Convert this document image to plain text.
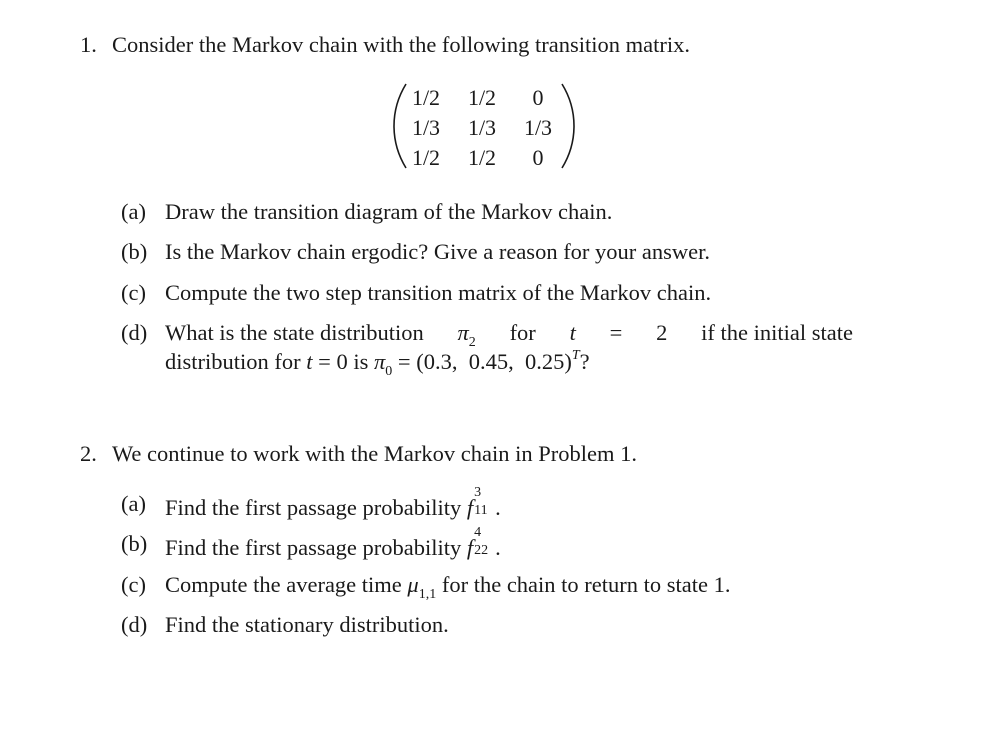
1. Consider the Markov chain with the following transition matrix.
1/2	1/2	0
1/3	1/3	1/3
1/2	1/2	0
(a) Draw the transition diagram of the Markov chain.
(b) Is the Markov chain ergodic? Give a reason for your answer.
(c) Compute the two step transition matrix of the Markov chain.
(d) What is the state distribution $\pi_2$ for t = 2 if the initial state
distribution for t = 0 is $\pi_0 = (0.3$,  0.45,  0.25)$^T$?
2. We continue to work with the Markov chain in Problem 1.
(a) Find the first passage probability f
3
11 .
(b) Find the first passage probability f
4
22 .
(c) Compute the average time $\mu_{1,1}$ for the chain to return to state 1.
(d) Find the stationary distribution.
